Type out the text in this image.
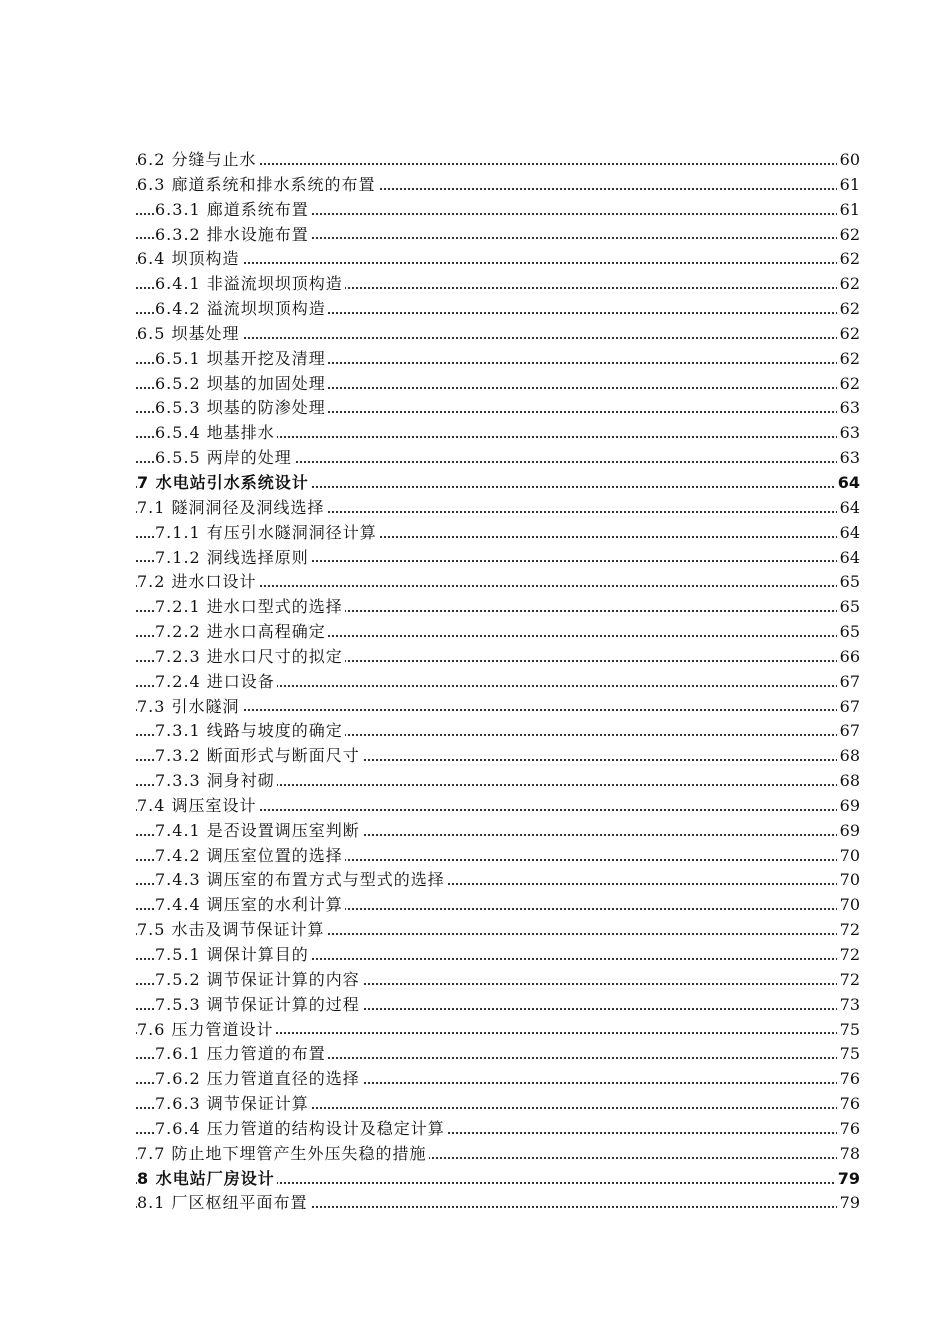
6.2 分缝与止水	60
6.3 廊道系统和排水系统的布置	61
6.3.1 廊道系统布置	61
6.3.2 排水设施布置	62
6.4 坝顶构造	62
6.4.1 非溢流坝坝顶构造	62
6.4.2 溢流坝坝顶构造	62
6.5 坝基处理	62
6.5.1 坝基开挖及清理	62
6.5.2 坝基的加固处理	62
6.5.3 坝基的防渗处理	63
6.5.4 地基排水	63
6.5.5 两岸的处理	63
7 水电站引水系统设计	64
7.1 隧洞洞径及洞线选择	64
7.1.1 有压引水隧洞洞径计算	64
7.1.2 洞线选择原则	64
7.2 进水口设计	65
7.2.1 进水口型式的选择	65
7.2.2 进水口高程确定	65
7.2.3 进水口尺寸的拟定	66
7.2.4 进口设备	67
7.3 引水隧洞	67
7.3.1 线路与坡度的确定	67
7.3.2 断面形式与断面尺寸	68
7.3.3 洞身衬砌	68
7.4 调压室设计	69
7.4.1 是否设置调压室判断	69
7.4.2 调压室位置的选择	70
7.4.3 调压室的布置方式与型式的选择	70
7.4.4 调压室的水利计算	70
7.5 水击及调节保证计算	72
7.5.1 调保计算目的	72
7.5.2 调节保证计算的内容	72
7.5.3 调节保证计算的过程	73
7.6 压力管道设计	75
7.6.1 压力管道的布置	75
7.6.2 压力管道直径的选择	76
7.6.3 调节保证计算	76
7.6.4 压力管道的结构设计及稳定计算	76
7.7 防止地下埋管产生外压失稳的措施	78
8 水电站厂房设计	79
8.1 厂区枢纽平面布置	79
